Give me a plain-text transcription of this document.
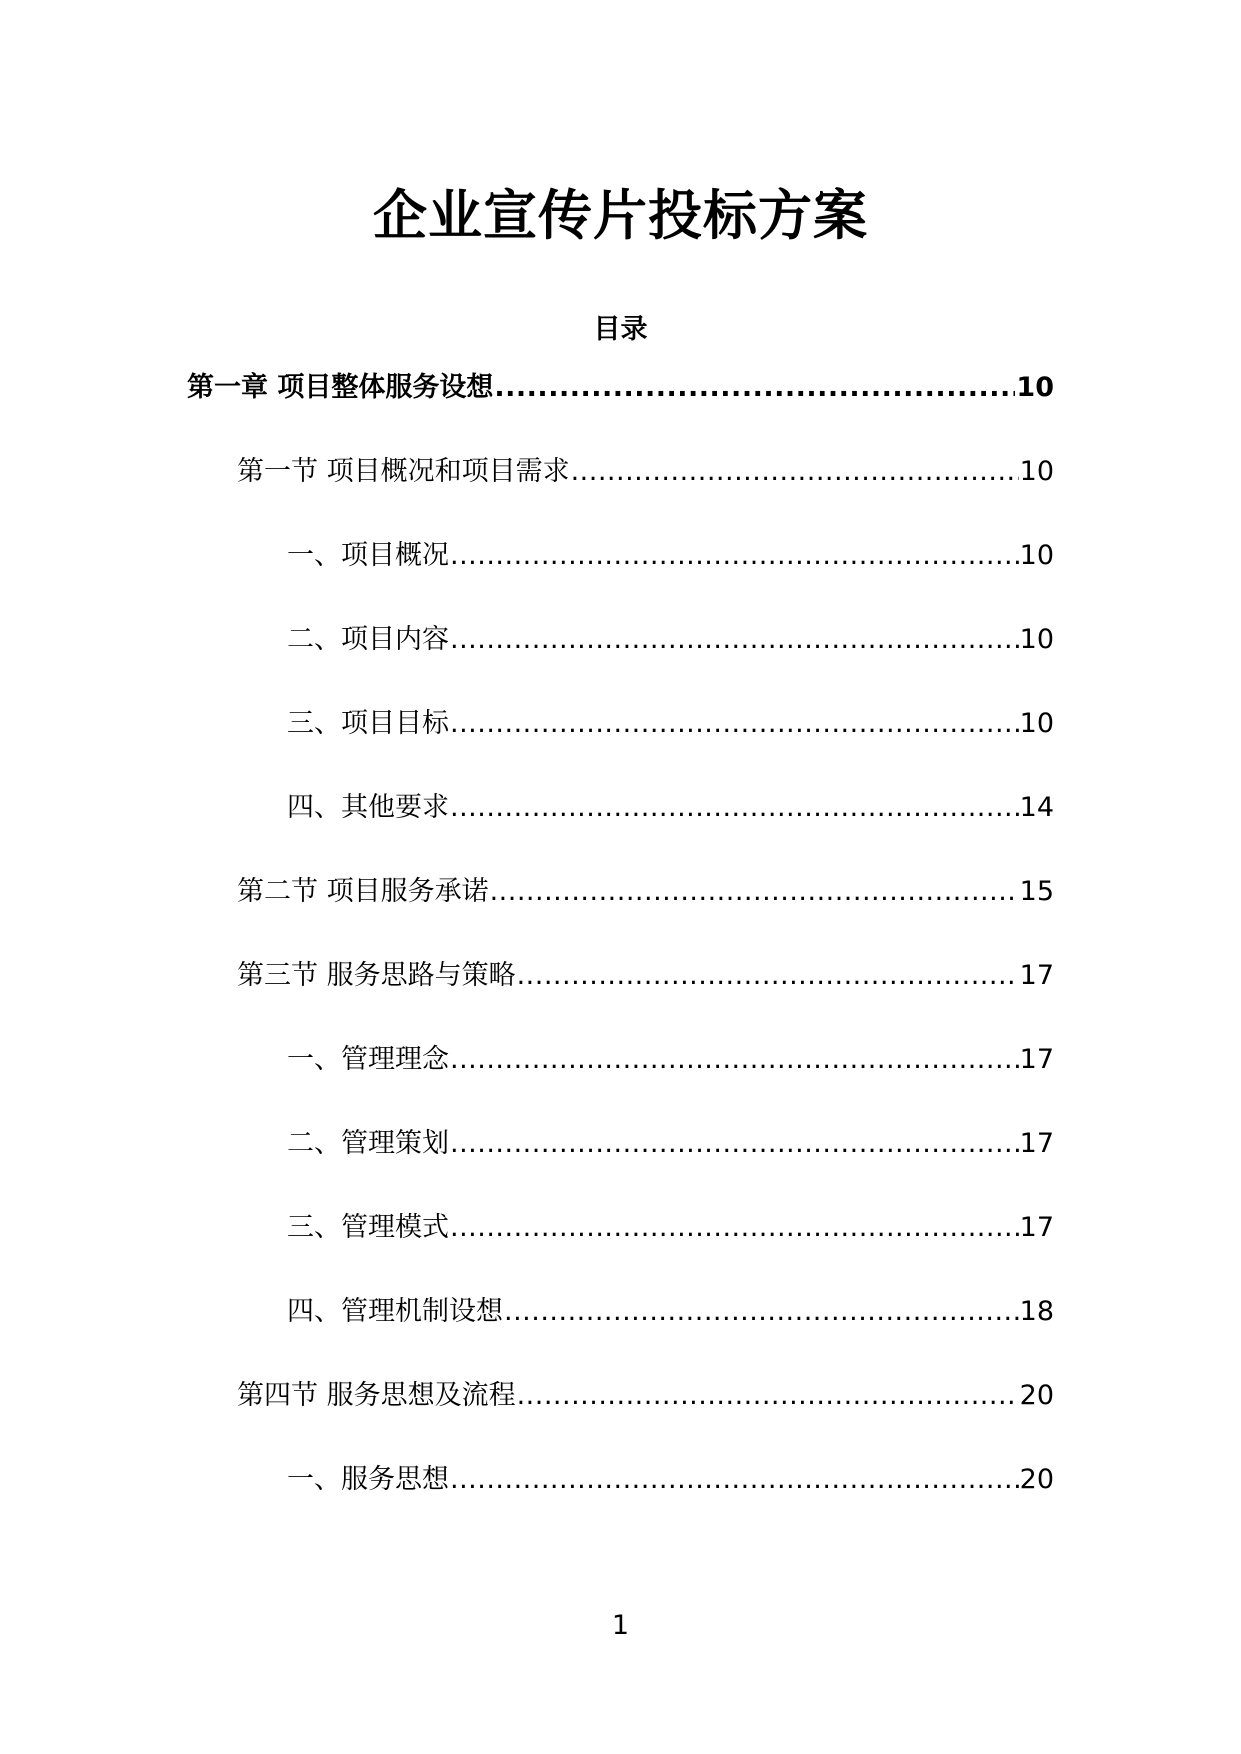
企业宣传片投标方案
目录
第一章 项目整体服务设想 .....	10
第一节 项目概况和项目需求 .....	10
一、项目概况 .....	10
二、项目内容 .....	10
三、项目目标 .....	10
四、其他要求 .....	14
第二节 项目服务承诺 .....	15
第三节 服务思路与策略 .....	17
一、管理理念 .....	17
二、管理策划 .....	17
三、管理模式 .....	17
四、管理机制设想 .....	18
第四节 服务思想及流程 .....	20
一、服务思想 .....	20
1
